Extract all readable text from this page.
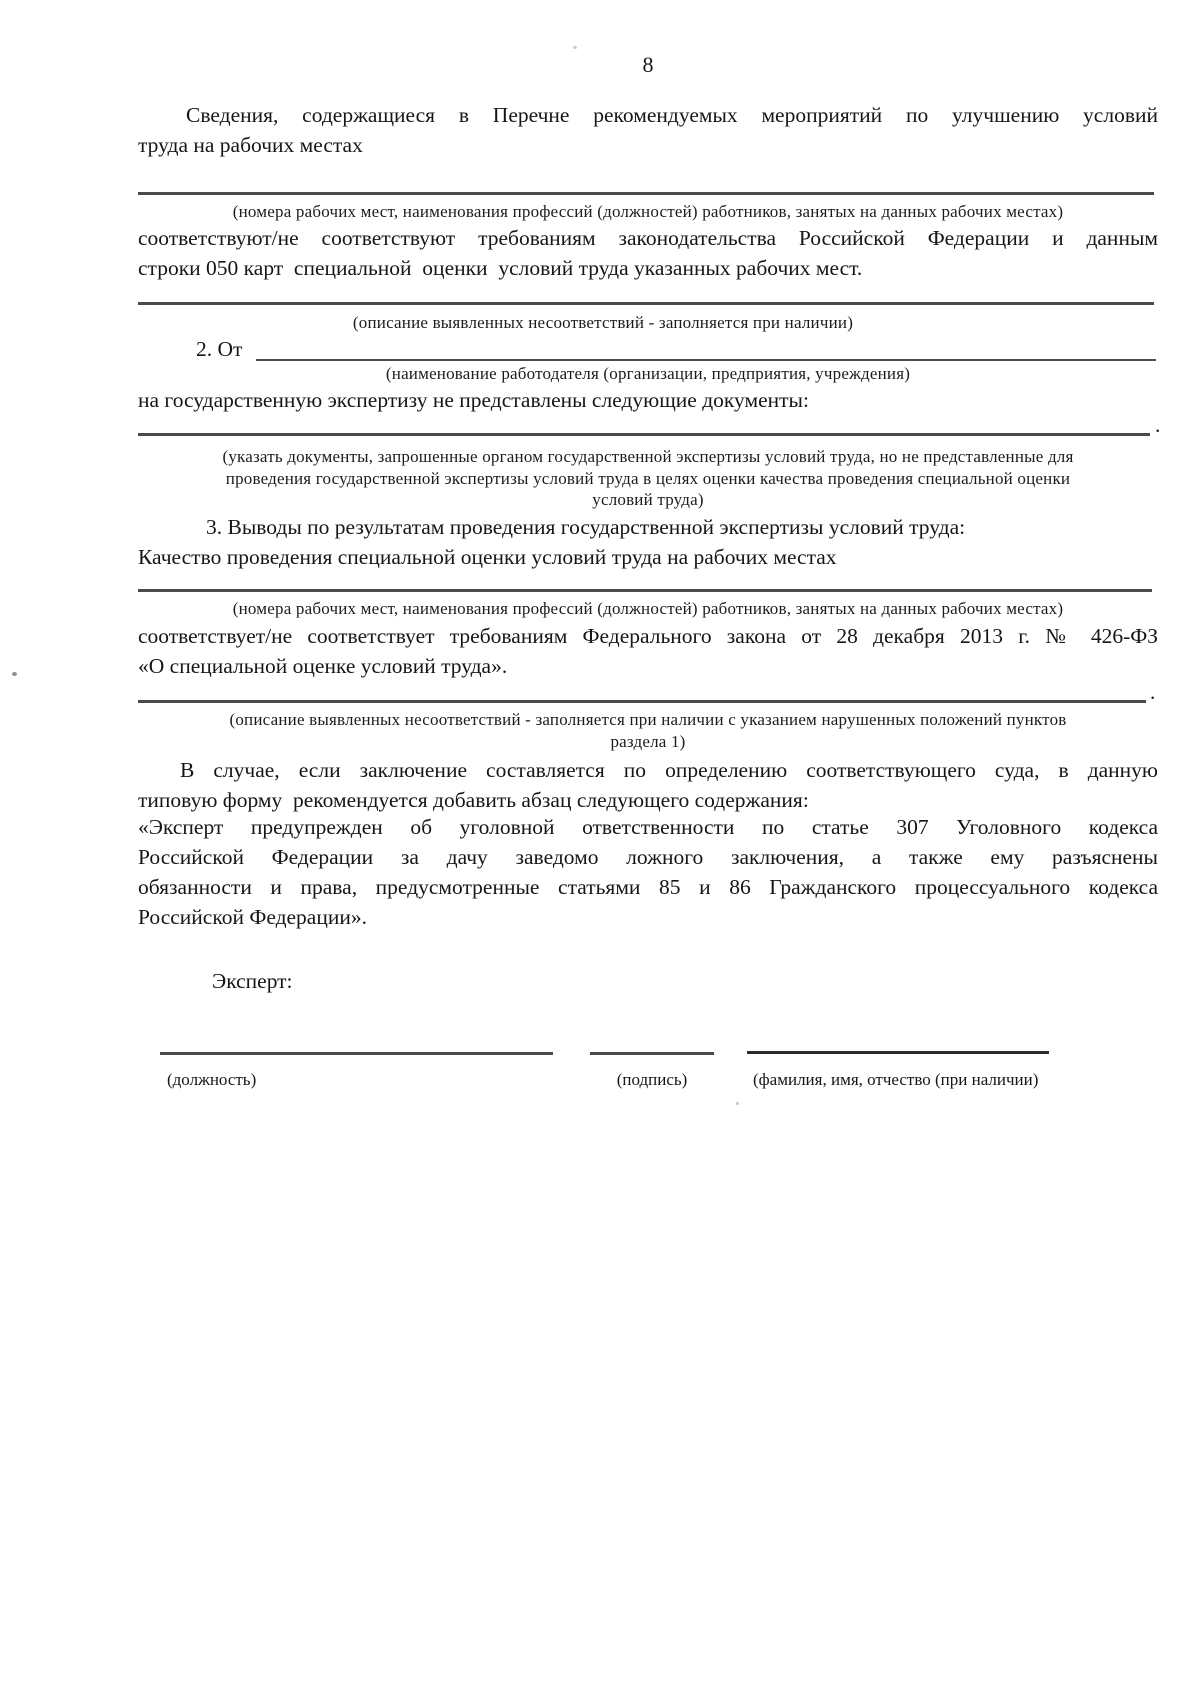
8
Сведения, содержащиеся в Перечне рекомендуемых мероприятий по улучшению условий
труда на рабочих местах
(номера рабочих мест, наименования профессий (должностей) работников, занятых на данных рабочих местах)
соответствуют/не соответствуют требованиям законодательства Российской Федерации и данным
строки 050 карт  специальной  оценки  условий труда указанных рабочих мест.
(описание выявленных несоответствий - заполняется при наличии)
2. От
(наименование работодателя (организации, предприятия, учреждения)
на государственную экспертизу не представлены следующие документы:
.
(указать документы, запрошенные органом государственной экспертизы условий труда, но не представленные для
проведения государственной экспертизы условий труда в целях оценки качества проведения специальной оценки
условий труда)
3. Выводы по результатам проведения государственной экспертизы условий труда:
Качество проведения специальной оценки условий труда на рабочих местах
(номера рабочих мест, наименования профессий (должностей) работников, занятых на данных рабочих местах)
соответствует/не соответствует требованиям Федерального закона от 28 декабря 2013 г. № 426-ФЗ
«О специальной оценке условий труда».
.
(описание выявленных несоответствий - заполняется при наличии с указанием нарушенных положений пунктов
раздела 1)
В случае, если заключение составляется по определению соответствующего суда, в данную
типовую форму  рекомендуется добавить абзац следующего содержания:
«Эксперт предупрежден об уголовной ответственности по статье 307 Уголовного кодекса
Российской Федерации за дачу заведомо ложного заключения, а также ему разъяснены
обязанности и права, предусмотренные статьями 85 и 86 Гражданского процессуального кодекса
Российской Федерации».
Эксперт:
(должность)	(подпись)	(фамилия, имя, отчество (при наличии)
